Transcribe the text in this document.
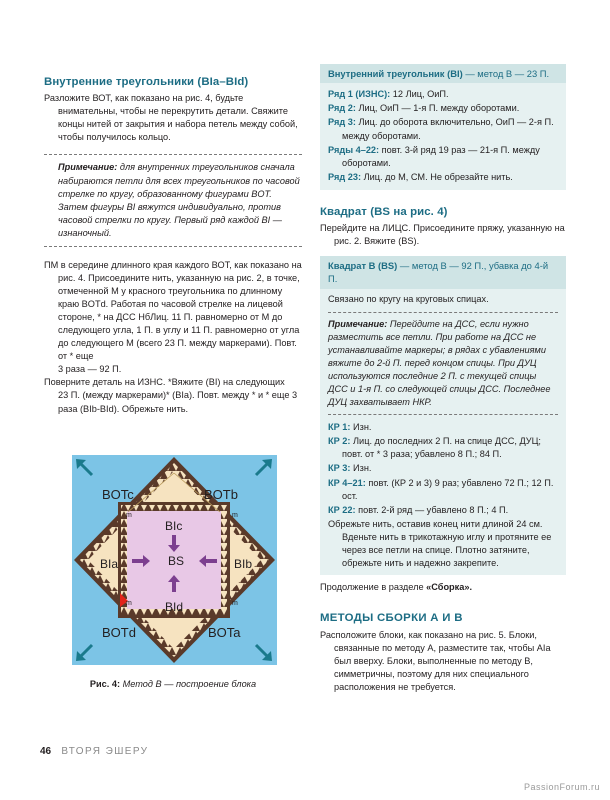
Внутренние треугольники (BIa–BId)

Разложите ВОТ, как показано на рис. 4, будьте внимательны, чтобы не перекрутить детали. Свяжите концы нитей от закрытия и набора петель между собой, чтобы получилось кольцо.

Примечание: для внутренних треугольников сначала набираются петли для всех треугольников по часовой стрелке по кругу, образованному фигурами BOT. Затем фигуры BI вяжутся индивидуально, против часовой стрелки по кругу. Первый ряд каждой BI — изнаночный.

ПМ в середине длинного края каждого ВОТ, как показано на рис. 4. Присоедините нить, указанную на рис. 2, в точке, отмеченной M у красного треугольника по длинному краю BOTd. Работая по часовой стрелке на лицевой стороне, * на ДСС НбЛиц. 11 П. равномерно от M до следующего угла, 1 П. в углу и 11 П. равномерно от угла до следующего M (всего 23 П. между маркерами). Повт. от * еще
3 раза — 92 П.

Поверните деталь на ИЗНС. *Вяжите (BI) на следующих
23 П. (между маркерами)* (BIa). Повт. между * и * еще 3 раза (BIb-BId). Обрежьте нить.

BOTc	BOTb
BOTd	BOTa
BIc
BIa	BIb
BId
BS
m	m
m	m

Рис. 4: Метод B — построение блока

Внутренний треугольник (BI) — метод B — 23 П.

Ряд 1 (ИЗНС): 12 Лиц, ОиП.

Ряд 2: Лиц, ОиП — 1-я П. между оборотами.

Ряд 3: Лиц. до оборота включительно, ОиП — 2-я П. между оборотами.

Ряды 4–22: повт. 3-й ряд 19 раз — 21-я П. между оборотами.

Ряд 23: Лиц. до М, СМ. Не обрезайте нить.

Квадрат (BS на рис. 4)

Перейдите на ЛИЦС. Присоедините пряжу, указанную на рис. 2. Вяжите (BS).

Квадрат B (BS) — метод B — 92 П., убавка до 4-й П.

Связано по кругу на круговых спицах.

Примечание: Перейдите на ДСС, если нужно разместить все петли. При работе на ДСС не устанавливайте маркеры; в рядах с убавлениями вяжите до 2-й П. перед концом спицы. При ДУЦ используются последние 2 П. с текущей спицы ДСС и 1-я П. со следующей спицы ДСС. Последнее ДУЦ захватывает НКР.

КР 1: Изн.

КР 2: Лиц. до последних 2 П. на спице ДСС, ДУЦ; повт. от * 3 раза; убавлено 8 П.; 84 П.

КР 3: Изн.

КР 4–21: повт. (КР 2 и 3) 9 раз; убавлено 72 П.; 12 П. ост.

КР 22: повт. 2-й ряд — убавлено 8 П.; 4 П.

Обрежьте нить, оставив конец нити длиной 24 см. Вденьте нить в трикотажную иглу и протяните ее через все петли на спице. Плотно затяните, обрежьте нить и надежно закрепите.

Продолжение в разделе «Сборка».

МЕТОДЫ СБОРКИ А И В

Расположите блоки, как показано на рис. 5. Блоки, связанные по методу A, разместите так, чтобы AIa был вверху. Блоки, выполненные по методу B, симметричны, поэтому для них специального расположения не требуется.

46 ВТОРЯ ЭШЕРУ
PassionForum.ru
